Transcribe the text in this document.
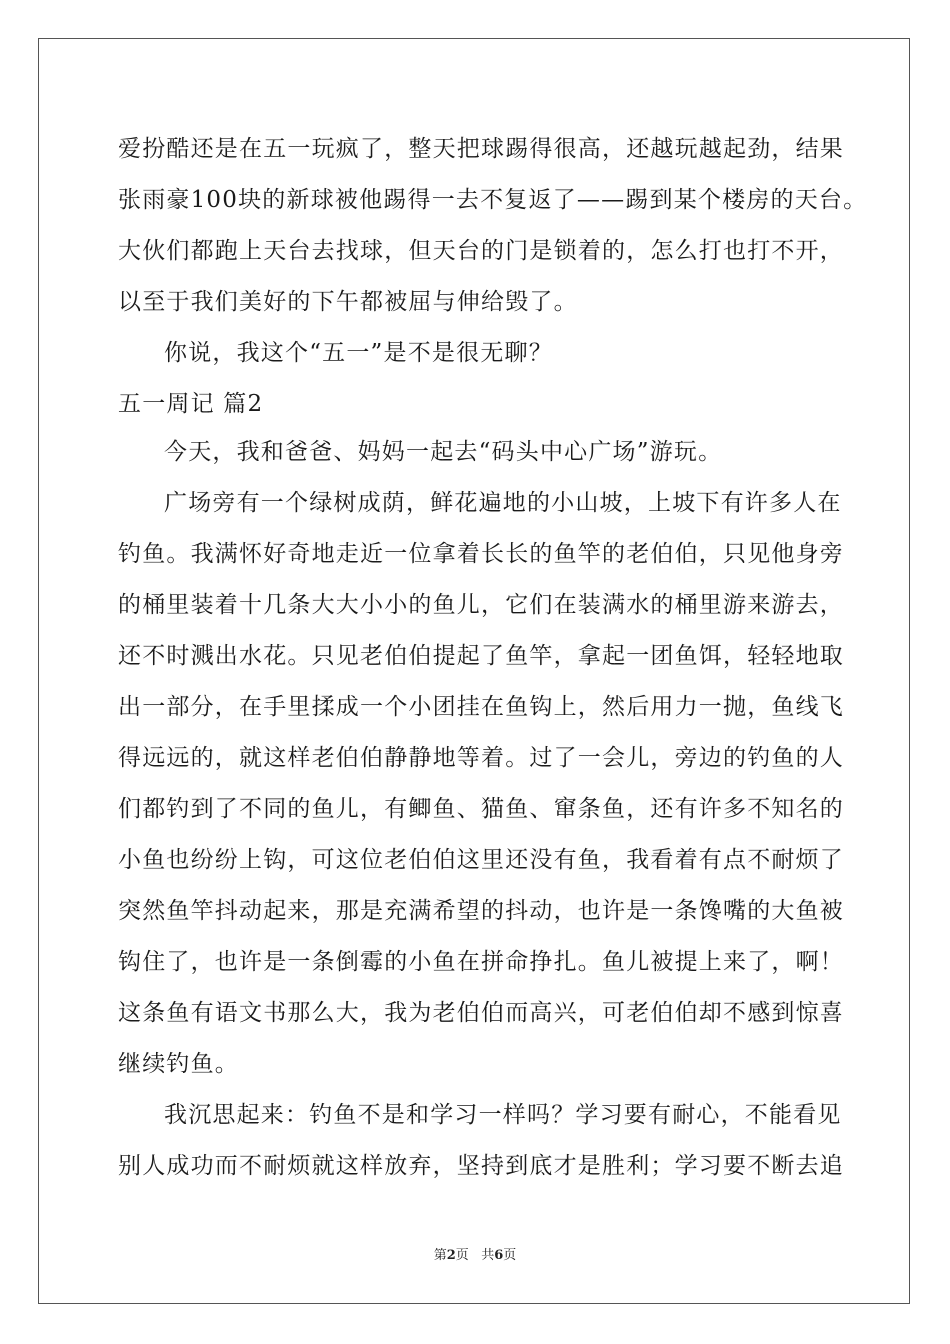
爱扮酷还是在五一玩疯了，整天把球踢得很高，还越玩越起劲，结果
张雨豪100块的新球被他踢得一去不复返了——踢到某个楼房的天台。
大伙们都跑上天台去找球，但天台的门是锁着的，怎么打也打不开，
以至于我们美好的下午都被屈与伸给毁了。
你说，我这个“五一”是不是很无聊？
五一周记 篇2
今天，我和爸爸、妈妈一起去“码头中心广场”游玩。
广场旁有一个绿树成荫，鲜花遍地的小山坡，上坡下有许多人在
钓鱼。我满怀好奇地走近一位拿着长长的鱼竿的老伯伯，只见他身旁
的桶里装着十几条大大小小的鱼儿，它们在装满水的桶里游来游去，
还不时溅出水花。只见老伯伯提起了鱼竿，拿起一团鱼饵，轻轻地取
出一部分，在手里揉成一个小团挂在鱼钩上，然后用力一抛，鱼线飞
得远远的，就这样老伯伯静静地等着。过了一会儿，旁边的钓鱼的人
们都钓到了不同的鱼儿，有鲫鱼、猫鱼、窜条鱼，还有许多不知名的
小鱼也纷纷上钩，可这位老伯伯这里还没有鱼，我看着有点不耐烦了
突然鱼竿抖动起来，那是充满希望的抖动，也许是一条馋嘴的大鱼被
钩住了，也许是一条倒霉的小鱼在拼命挣扎。鱼儿被提上来了，啊！
这条鱼有语文书那么大，我为老伯伯而高兴，可老伯伯却不感到惊喜
继续钓鱼。
我沉思起来：钓鱼不是和学习一样吗？学习要有耐心，不能看见
别人成功而不耐烦就这样放弃，坚持到底才是胜利；学习要不断去追
第2页 共6页
